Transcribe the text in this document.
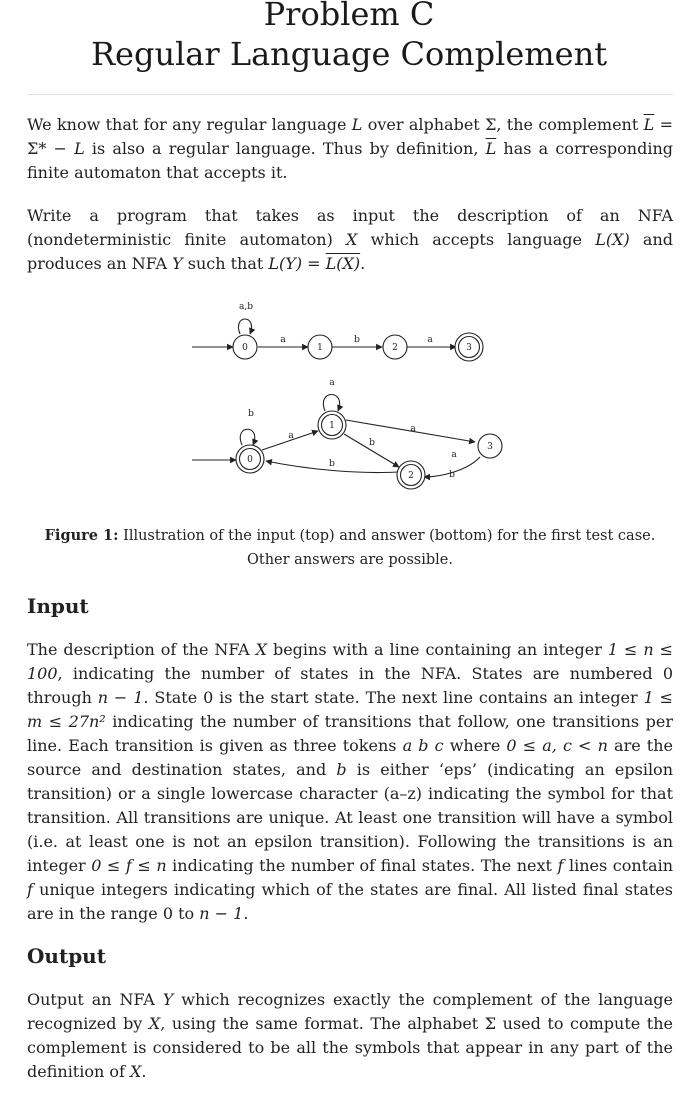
Problem C
Regular Language Complement
We know that for any regular language L over alphabet Σ, the complement $\overline{L} = \Sigma* - L$ is also a regular language. Thus by definition, $\overline{L}$ has a corresponding finite automaton that accepts it.
Write a program that takes as input the description of an NFA (nondeterministic finite automaton) X which accepts language L(X) and produces an NFA Y such that L(Y) = L(X).
0	1	2	3
a,b
a	b	a
0
1
2
3
b
a
a
b
b
a
a
b
Figure 1: Illustration of the input (top) and answer (bottom) for the first test case. Other answers are possible.
Input
The description of the NFA X begins with a line containing an integer 1 ≤ n ≤ 100, indicating the number of states in the NFA. States are numbered 0 through n − 1. State 0 is the start state. The next line contains an integer 1 ≤ m ≤ 27n² indicating the number of transitions that follow, one transitions per line. Each transition is given as three tokens a b c where 0 ≤ a, c < n are the source and destination states, and b is either ‘eps’ (indicating an epsilon transition) or a single lowercase character (a–z) indicating the symbol for that transition. All transitions are unique. At least one transition will have a symbol (i.e. at least one is not an epsilon transition). Following the transitions is an integer 0 ≤ f ≤ n indicating the number of final states. The next f lines contain f unique integers indicating which of the states are final. All listed final states are in the range 0 to n − 1.
Output
Output an NFA Y which recognizes exactly the complement of the language recognized by X, using the same format. The alphabet Σ used to compute the complement is considered to be all the symbols that appear in any part of the definition of X.
